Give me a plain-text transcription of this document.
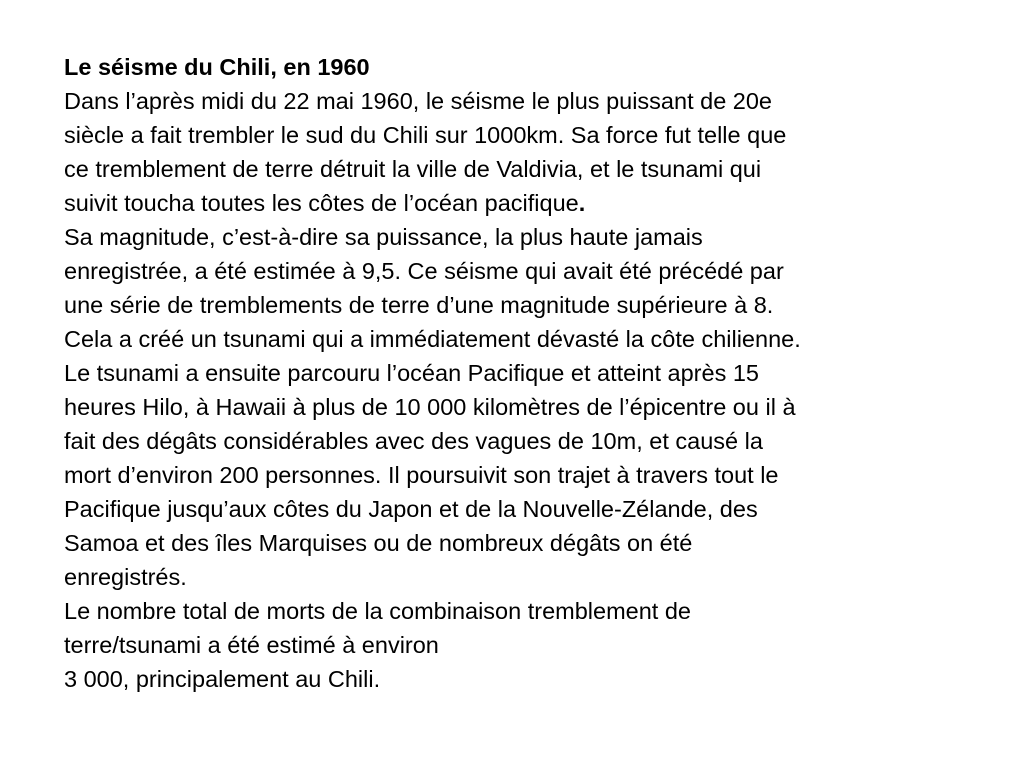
Le séisme du Chili, en 1960

Dans l’après midi du 22 mai 1960, le séisme le plus puissant de 20e

siècle a fait trembler le sud du Chili sur 1000km. Sa force fut telle que

ce tremblement de terre détruit la ville de Valdivia, et le tsunami qui

suivit toucha toutes les côtes de l’océan pacifique.

Sa magnitude, c’est-à-dire sa puissance, la plus haute jamais

enregistrée, a été estimée à 9,5. Ce séisme qui avait été précédé par

une série de tremblements de terre d’une magnitude supérieure à 8.

Cela a créé un tsunami qui a immédiatement dévasté la côte chilienne.

Le tsunami a ensuite parcouru l’océan Pacifique et atteint après 15

heures Hilo, à Hawaii à plus de 10 000 kilomètres de l’épicentre ou il à

fait des dégâts considérables avec des vagues de 10m, et causé la

mort d’environ 200 personnes. Il poursuivit son trajet à travers tout le

Pacifique jusqu’aux côtes du Japon et de la Nouvelle-Zélande, des

Samoa et des îles Marquises ou de nombreux dégâts on été

enregistrés.

Le nombre total de morts de la combinaison tremblement de

terre/tsunami a été estimé à environ

3 000, principalement au Chili.
